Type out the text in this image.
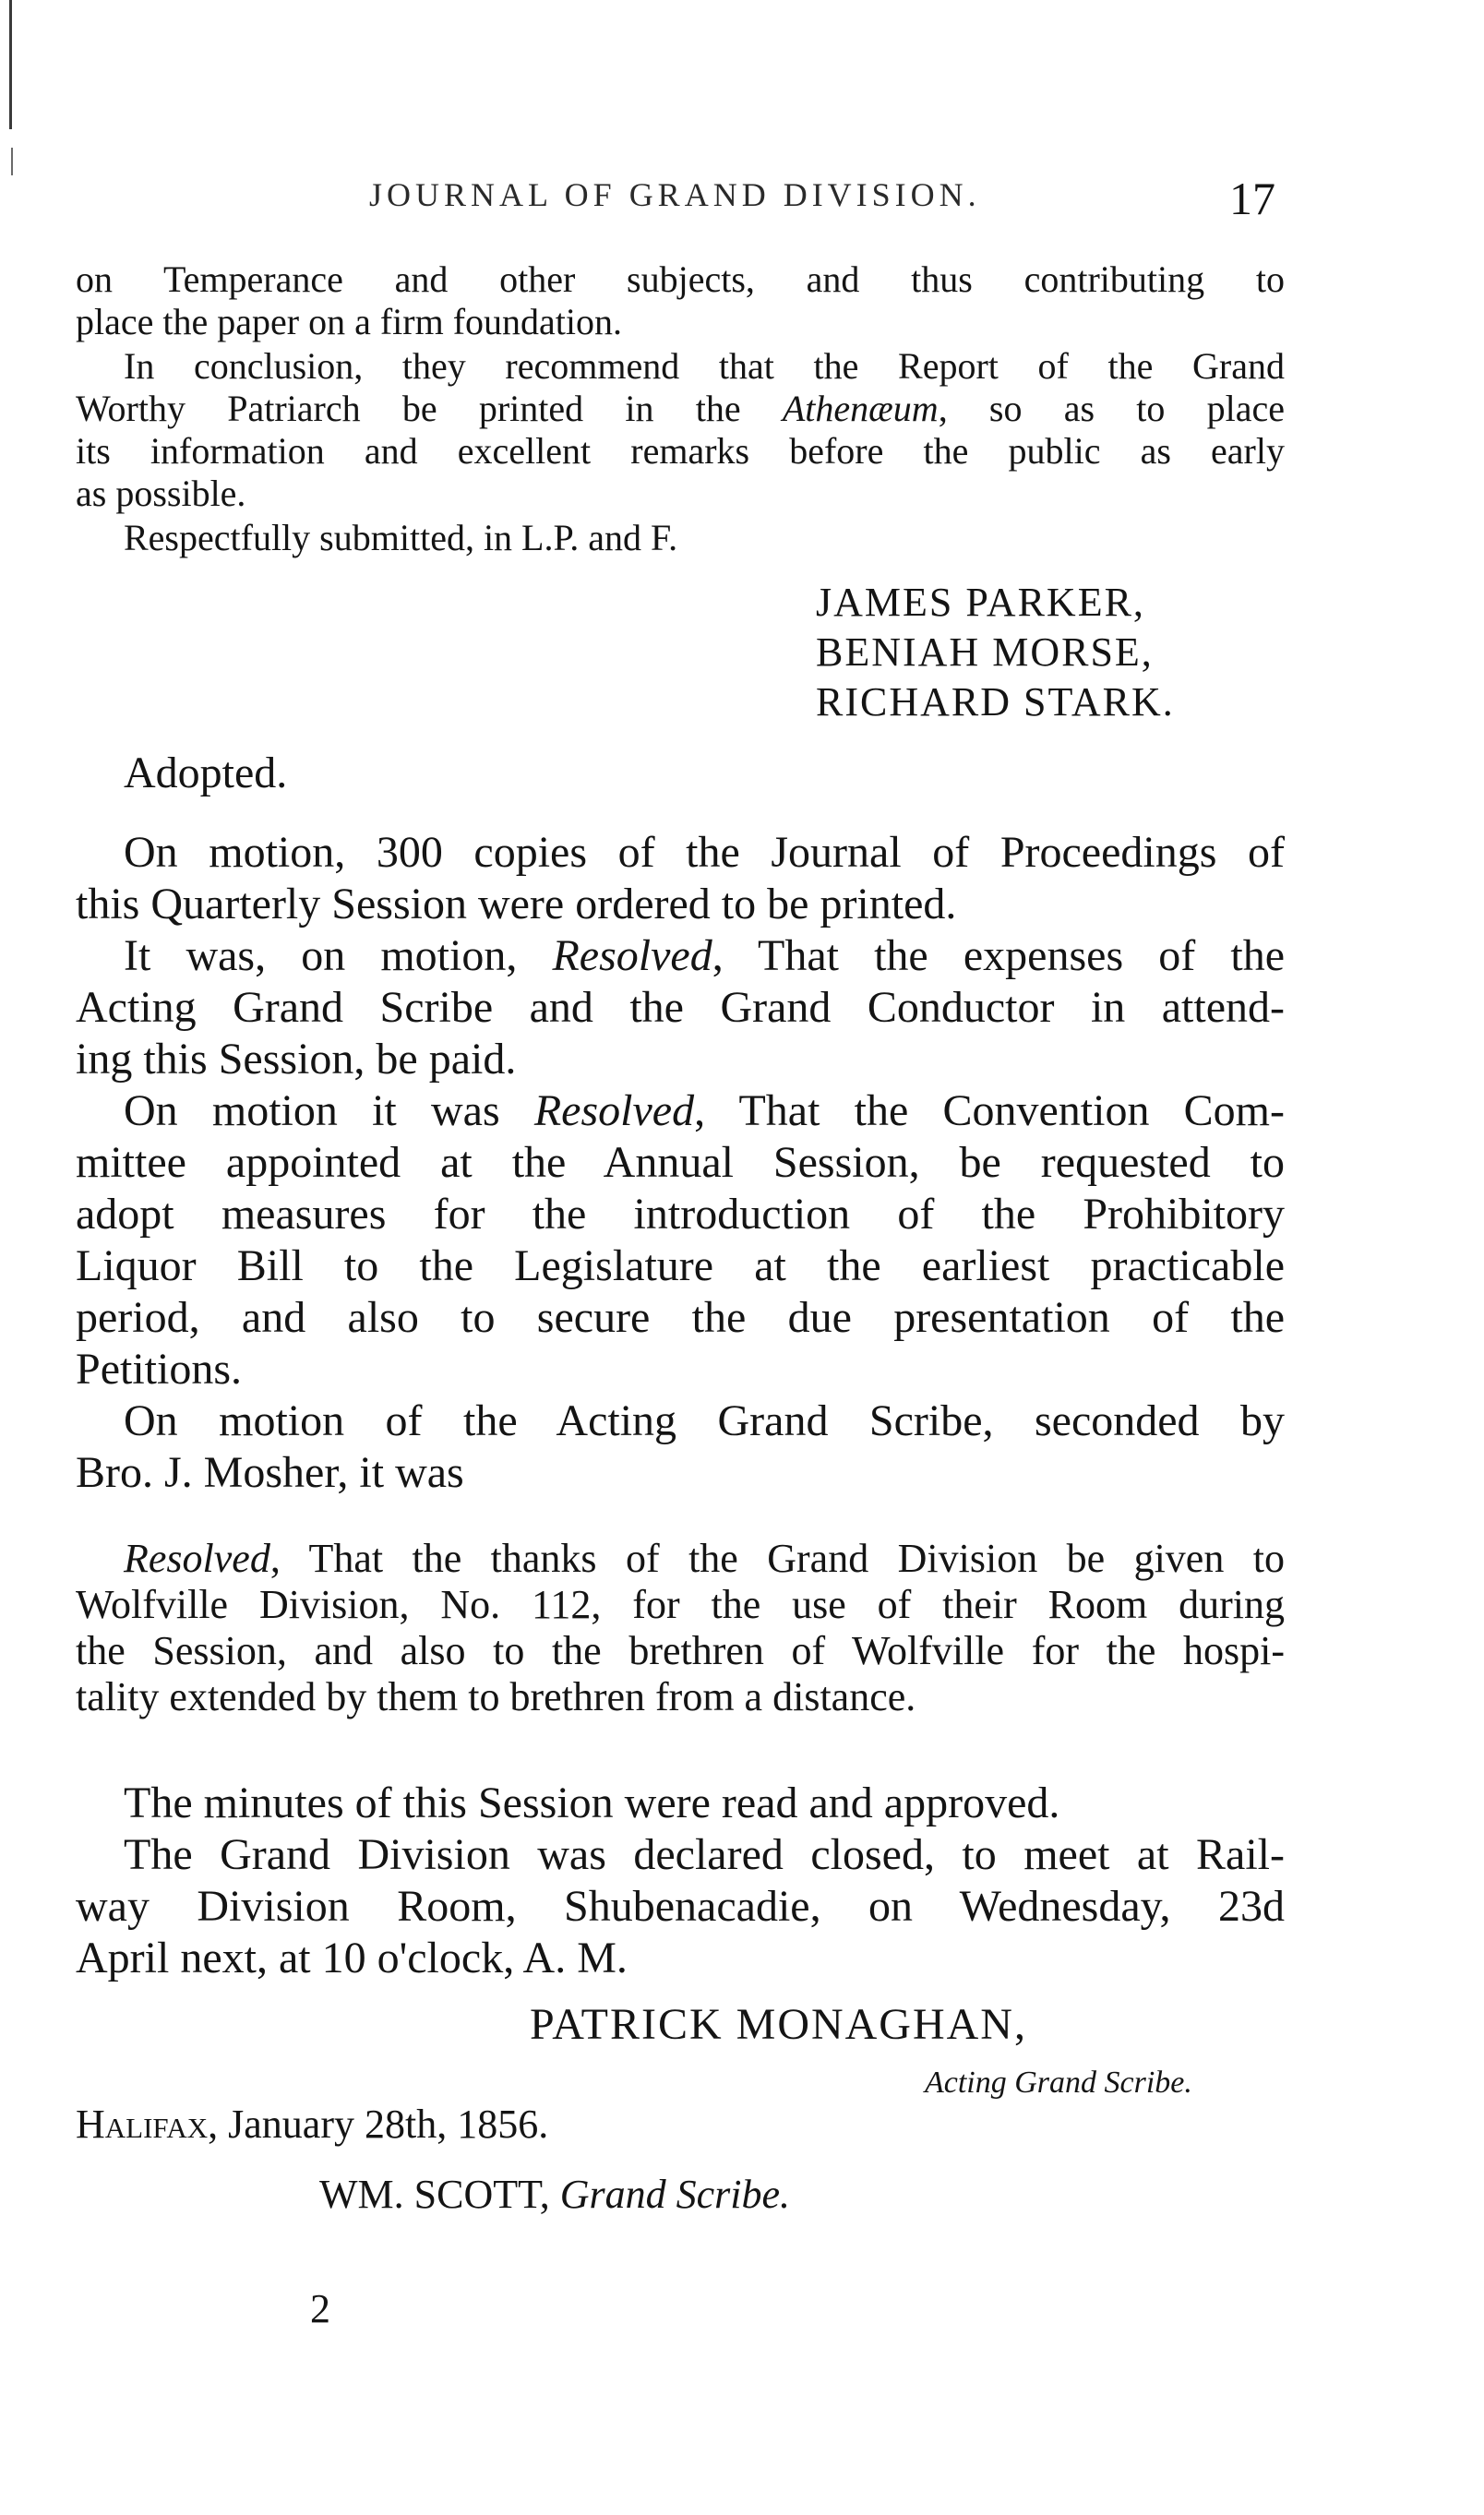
JOURNAL OF GRAND DIVISION.	17
on Temperance and other subjects, and thus contributing to
place the paper on a firm foundation.
In conclusion, they recommend that the Report of the Grand
Worthy Patriarch be printed in the Athenæum, so as to place
its information and excellent remarks before the public as early
as possible.
Respectfully submitted, in L.P. and F.
JAMES PARKER,
BENIAH MORSE,
RICHARD STARK.
Adopted.
On motion, 300 copies of the Journal of Proceedings of
this Quarterly Session were ordered to be printed.
It was, on motion, Resolved, That the expenses of the
Acting Grand Scribe and the Grand Conductor in attend-
ing this Session, be paid.
On motion it was Resolved, That the Convention Com-
mittee appointed at the Annual Session, be requested to
adopt measures for the introduction of the Prohibitory
Liquor Bill to the Legislature at the earliest practicable
period, and also to secure the due presentation of the
Petitions.
On motion of the Acting Grand Scribe, seconded by
Bro. J. Mosher, it was
Resolved, That the thanks of the Grand Division be given to
Wolfville Division, No. 112, for the use of their Room during
the Session, and also to the brethren of Wolfville for the hospi-
tality extended by them to brethren from a distance.
The minutes of this Session were read and approved.
The Grand Division was declared closed, to meet at Rail-
way Division Room, Shubenacadie, on Wednesday, 23d
April next, at 10 o'clock, A. M.
PATRICK MONAGHAN,
Acting Grand Scribe.
Halifax, January 28th, 1856.
WM. SCOTT, Grand Scribe.
2
